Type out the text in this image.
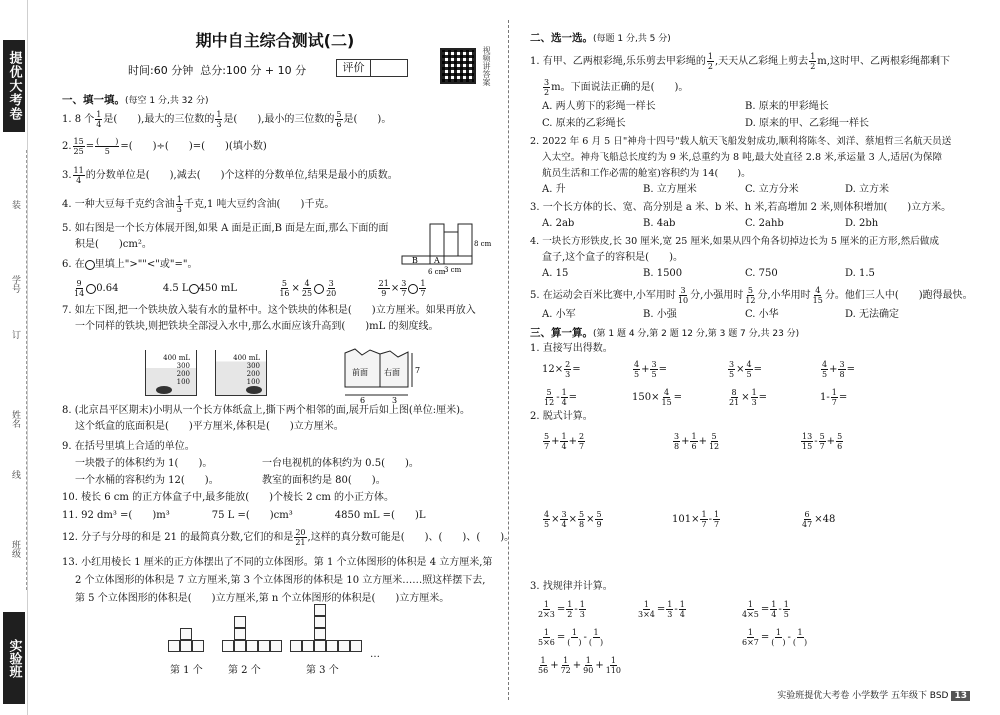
提优大考卷
装
订
线
学号
姓名
班级
实验班
期中自主综合测试(二)
时间:60 分钟 总分:100 分 + 10 分	评价	视频讲答案
一、填一填。(每空 1 分,共 32 分)
1. 8 个 $\frac{1}{4}$ 是(　　),最大的三位数的 $\frac{1}{3}$ 是(　　),最小的三位数的 $\frac{5}{6}$ 是(　　)。
2. $\frac{15}{25}$ = (　　)
5 =(　　)÷(　　)=(　　)(填小数)
3. $\frac{11}{4}$ 的分数单位是(　　),减去(　　)个这样的分数单位,结果是最小的质数。
4. 一种大豆每千克约含油 $\frac{1}{3}$ 千克,1 吨大豆约含油(　　)千克。
5. 如右图是一个长方体展开图,如果 A 面是正面,B 面是左面,那么下面的面
积是(　　)cm²。
B A
8 cm
3 cm
6 cm
6. 在 里填上">""<"或"="。
$\frac{9}{14} 0.64$	4.5 L 450 mL	$\frac{5}{16} \times \frac{4}{25} \frac{3}{20}$
	$\frac{21}{9} \times \frac{3}{7} \frac{1}{7}$
7. 如左下图,把一个铁块放入装有水的量杯中。这个铁块的体积是(　　)立方厘米。如果再放入
一个同样的铁块,则把铁块全部浸入水中,那么水面应该升高到(　　)mL 的刻度线。
400 mL
300
200
100
400 mL
300
200
100
前面 右面 7
6	3
8. (北京昌平区期末)小明从一个长方体纸盒上,撕下两个相邻的面,展开后如上图(单位:厘米)。
这个纸盒的底面积是(　　)平方厘米,体积是(　　)立方厘米。
9. 在括号里填上合适的单位。
一块骰子的体积约为 1(　　)。	一台电视机的体积约为 0.5(　　)。
一个水桶的容积约为 12(　　)。	教室的面积约是 80(　　)。
10. 棱长 6 cm 的正方体盒子中,最多能放(　　)个棱长 2 cm 的小正方体。
11. 92 dm³ =(　　)m³	75 L =(　　)cm³	4850 mL =(　　)L
12. 分子与分母的和是 21 的最简真分数,它们的和是 $\frac{20}{21}$ ,这样的真分数可能是(　　)、(　　)、(　　)。
13. 小红用棱长 1 厘米的正方体摆出了不同的立体图形。第 1 个立体图形的体积是 4 立方厘米,第
2 个立体图形的体积是 7 立方厘米,第 3 个立体图形的体积是 10 立方厘米……照这样摆下去,
第 5 个立体图形的体积是(　　)立方厘米,第 n 个立体图形的体积是(　　)立方厘米。
…
第 1 个	第 2 个	第 3 个
二、选一选。(每题 1 分,共 5 分)
1. 有甲、乙两根彩绳,乐乐剪去甲彩绳的 $\frac{1}{2}$ ,天天从乙彩绳上剪去 $\frac{1}{2} m$,这时甲、乙两根彩绳都剩下
$\frac{3}{2}$ m。下面说法正确的是(　　)。
A. 两人剪下的彩绳一样长	B. 原来的甲彩绳长
C. 原来的乙彩绳长	D. 原来的甲、乙彩绳一样长
2. 2022 年 6 月 5 日"神舟十四号"载人航天飞船发射成功,顺利将陈冬、刘洋、蔡旭哲三名航天员送
入太空。神舟飞船总长度约为 9 米,总重约为 8 吨,最大处直径 2.8 米,承运量 3 人,适居(为保障
航员生活和工作必需的舱室)容积约为 14(　　)。
A. 升	B. 立方厘米	C. 立方分米	D. 立方米
3. 一个长方体的长、宽、高分别是 a 米、b 米、h 米,若高增加 2 米,则体积增加(　　)立方米。
A. 2ab	B. 4ab	C. 2ahb	D. 2bh
4. 一块长方形铁皮,长 30 厘米,宽 25 厘米,如果从四个角各切掉边长为 5 厘米的正方形,然后做成
盒子,这个盒子的容积是(　　)。
A. 15	B. 1500	C. 750	D. 1.5
5. 在运动会百米比赛中,小军用时 $\frac{3}{10}$ 分,小强用时 $\frac{5}{12}$ 分,小华用时 $\frac{4}{15}$ 分。他们三人中(　　)跑得最快。
A. 小军	B. 小强	C. 小华	D. 无法确定
三、算一算。(第 1 题 4 分,第 2 题 12 分,第 3 题 7 分,共 23 分)
1. 直接写出得数。
$12\times \frac{2}{3}$ =	$\frac{4}{5} + \frac{3}{5}$ =	$\frac{3}{5} \times \frac{4}{5}$ =	$\frac{4}{5} + \frac{3}{8}$ =
$\frac{5}{12} - \frac{1}{4}$ =	$150\times \frac{4}{15}$ =	$\frac{8}{21} \times \frac{1}{3}$ =	$1- \frac{1}{7}$ =
2. 脱式计算。
$\frac{5}{7} + \frac{1}{4} + \frac{2}{7}$	$\frac{3}{8} + \frac{1}{6} + \frac{5}{12}$	$\frac{13}{15} - \frac{5}{7} + \frac{5}{6}$
$\frac{4}{5} \times \frac{3}{4} \times \frac{5}{8} \times \frac{5}{9}$	$101\times \frac{1}{7} - \frac{1}{7}$	$\frac{6}{47} \times 48$
3. 找规律并计算。
$\frac{1}{2\times 3} = \frac{1}{2} - \frac{1}{3}$	$\frac{1}{3\times 4} = \frac{1}{3} - \frac{1}{4}$	$\frac{1}{4\times 5} = \frac{1}{4} - \frac{1}{5}$
$\frac{1}{5\times 6} = 1$
(　) - 1
(　)	$\frac{1}{6\times 7} = 1$
(　) - 1
(　)
$\frac{1}{56} + \frac{1}{72} + \frac{1}{90} + \frac{1}{110}$
实验班提优大考卷 小学数学 五年级下 BSD 13
